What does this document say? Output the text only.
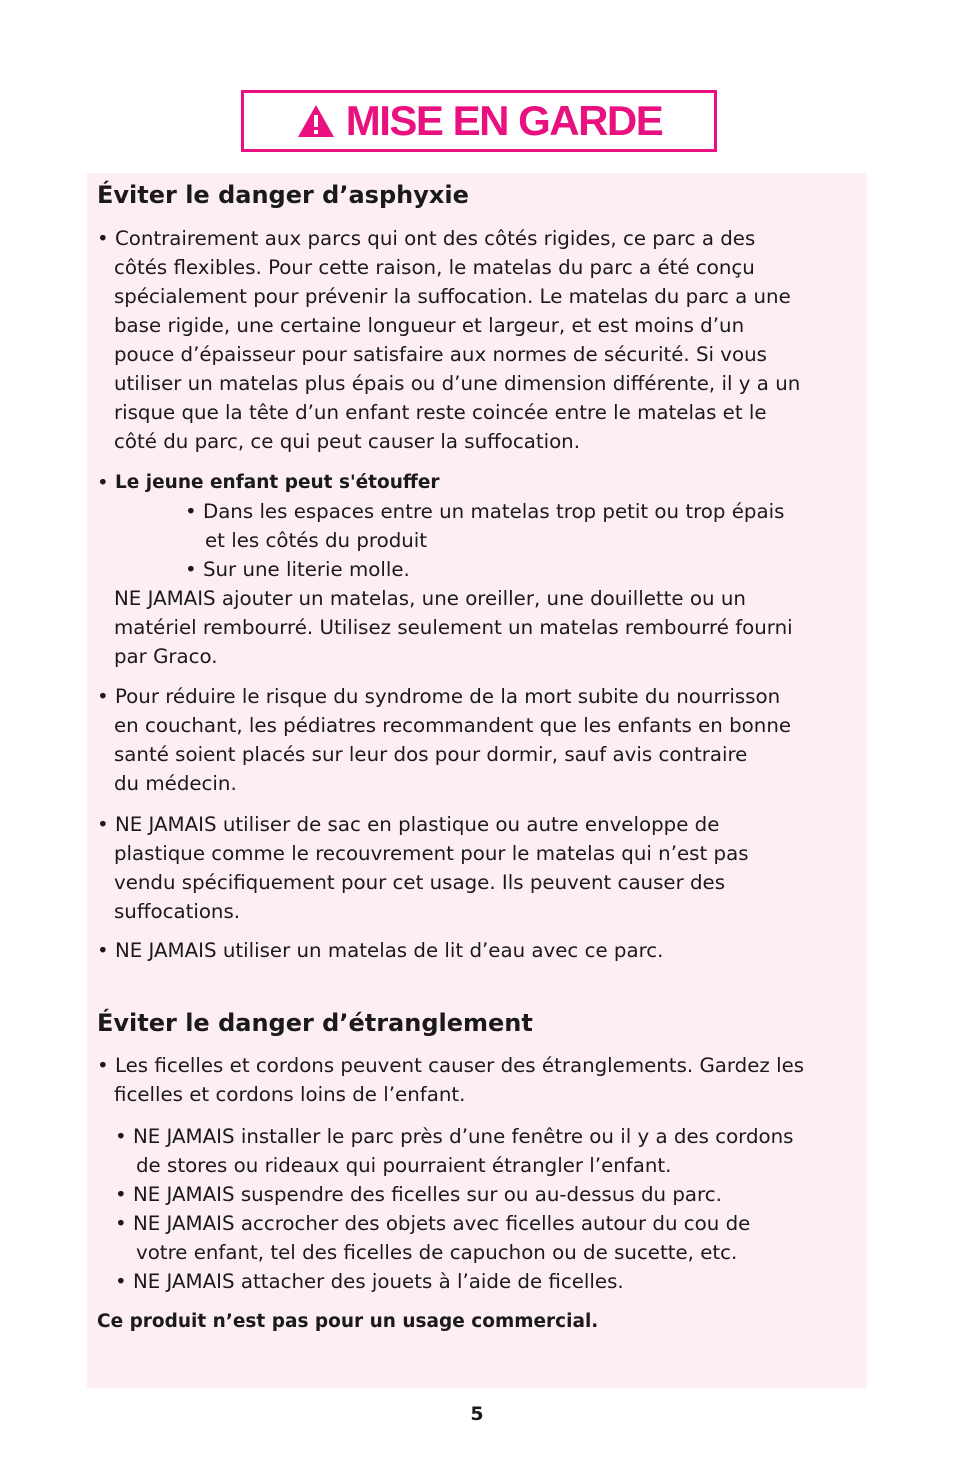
MISE EN GARDE
Éviter le danger d’asphyxie
• Contrairement aux parcs qui ont des côtés rigides, ce parc a des
côtés flexibles. Pour cette raison, le matelas du parc a été conçu
spécialement pour prévenir la suffocation. Le matelas du parc a une
base rigide, une certaine longueur et largeur, et est moins d’un
pouce d’épaisseur pour satisfaire aux normes de sécurité. Si vous
utiliser un matelas plus épais ou d’une dimension différente, il y a un
risque que la tête d’un enfant reste coincée entre le matelas et le
côté du parc, ce qui peut causer la suffocation.
• Le jeune enfant peut s'étouffer
• Dans les espaces entre un matelas trop petit ou trop épais
et les côtés du produit
• Sur une literie molle.
NE JAMAIS ajouter un matelas, une oreiller, une douillette ou un
matériel rembourré. Utilisez seulement un matelas rembourré fourni
par Graco.
• Pour réduire le risque du syndrome de la mort subite du nourrisson
en couchant, les pédiatres recommandent que les enfants en bonne
santé soient placés sur leur dos pour dormir, sauf avis contraire
du médecin.
• NE JAMAIS utiliser de sac en plastique ou autre enveloppe de
plastique comme le recouvrement pour le matelas qui n’est pas
vendu spécifiquement pour cet usage. Ils peuvent causer des
suffocations.
• NE JAMAIS utiliser un matelas de lit d’eau avec ce parc.
Éviter le danger d’étranglement
• Les ficelles et cordons peuvent causer des étranglements. Gardez les
ficelles et cordons loins de l’enfant.
• NE JAMAIS installer le parc près d’une fenêtre ou il y a des cordons
de stores ou rideaux qui pourraient étrangler l’enfant.
• NE JAMAIS suspendre des ficelles sur ou au-dessus du parc.
• NE JAMAIS accrocher des objets avec ficelles autour du cou de
votre enfant, tel des ficelles de capuchon ou de sucette, etc.
• NE JAMAIS attacher des jouets à l’aide de ficelles.
Ce produit n’est pas pour un usage commercial.
5
